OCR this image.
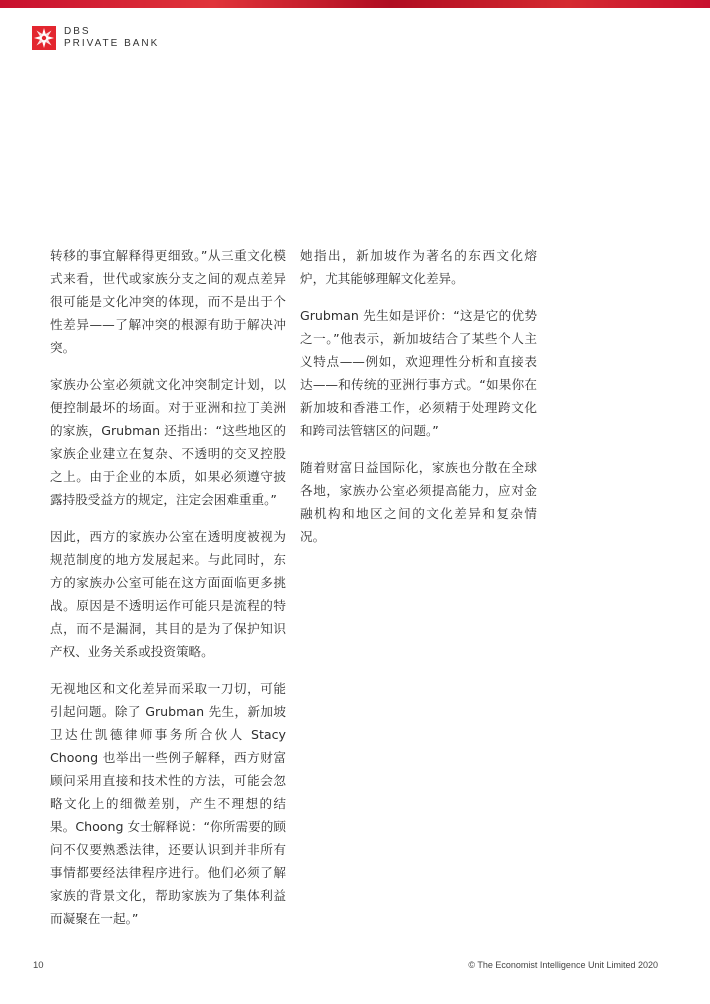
DBS
PRIVATE BANK

转移的事宜解释得更细致。”从三重文化模式来看，世代或家族分支之间的观点差异很可能是文化冲突的体现，而不是出于个性差异——了解冲突的根源有助于解决冲突。

家族办公室必须就文化冲突制定计划，以便控制最坏的场面。对于亚洲和拉丁美洲的家族，Grubman 还指出：“这些地区的家族企业建立在复杂、不透明的交叉控股之上。由于企业的本质，如果必须遵守披露持股受益方的规定，注定会困难重重。”

因此，西方的家族办公室在透明度被视为规范制度的地方发展起来。与此同时，东方的家族办公室可能在这方面面临更多挑战。原因是不透明运作可能只是流程的特点，而不是漏洞，其目的是为了保护知识产权、业务关系或投资策略。

无视地区和文化差异而采取一刀切，可能引起问题。除了 Grubman 先生，新加坡卫达仕凯德律师事务所合伙人 Stacy Choong 也举出一些例子解释，西方财富顾问采用直接和技术性的方法，可能会忽略文化上的细微差别，产生不理想的结果。Choong 女士解释说：“你所需要的顾问不仅要熟悉法律，还要认识到并非所有事情都要经法律程序进行。他们必须了解家族的背景文化，帮助家族为了集体利益而凝聚在一起。”

她指出，新加坡作为著名的东西文化熔炉，尤其能够理解文化差异。

Grubman 先生如是评价：“这是它的优势之一。”他表示，新加坡结合了某些个人主义特点——例如，欢迎理性分析和直接表达——和传统的亚洲行事方式。“如果你在新加坡和香港工作，必须精于处理跨文化和跨司法管辖区的问题。”

随着财富日益国际化，家族也分散在全球各地，家族办公室必须提高能力，应对金融机构和地区之间的文化差异和复杂情况。

10	© The Economist Intelligence Unit Limited 2020
